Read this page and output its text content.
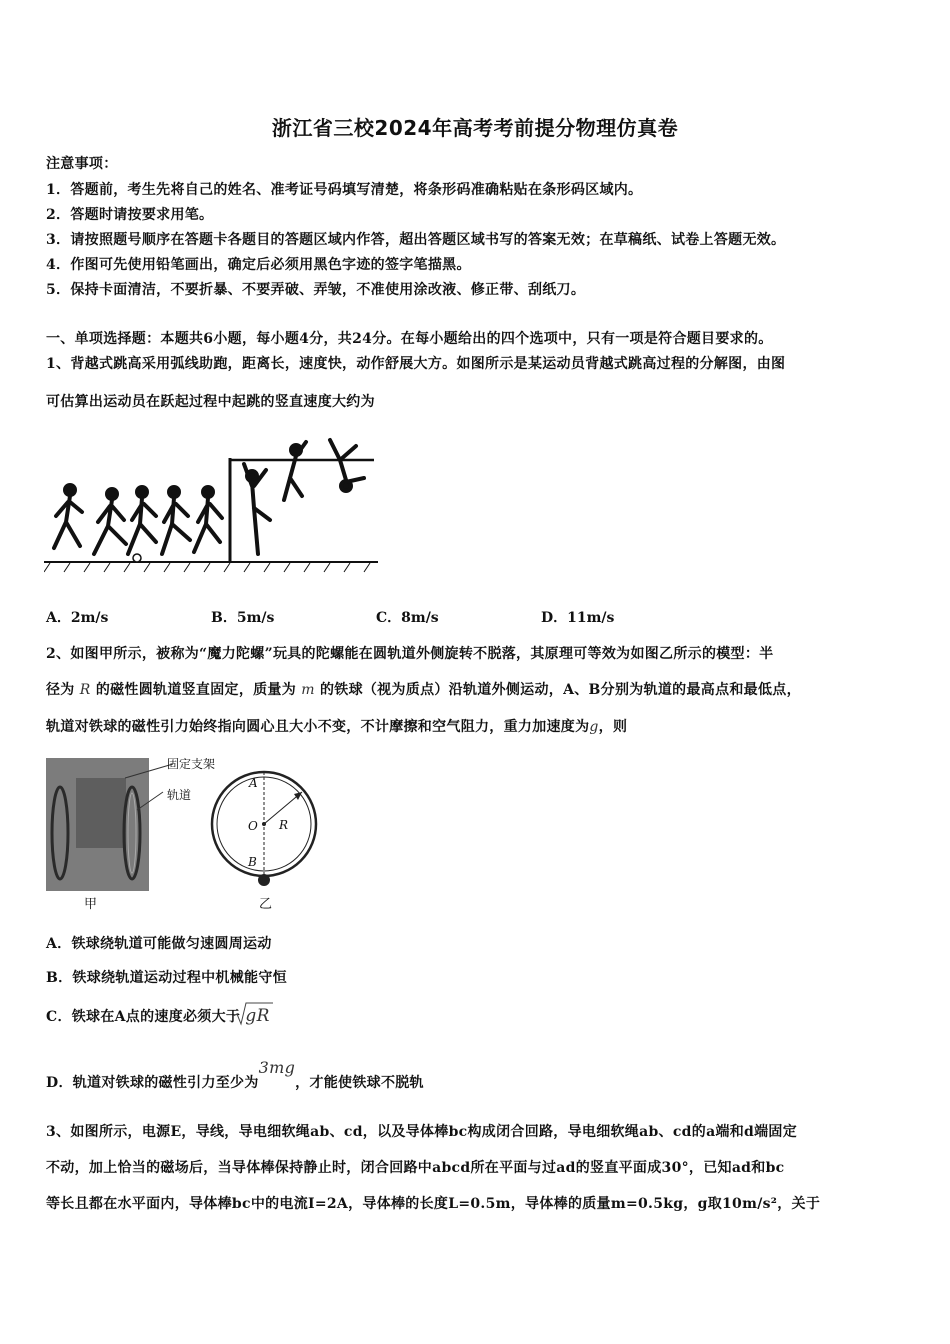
浙江省三校2024年高考考前提分物理仿真卷
注意事项：
1．答题前，考生先将自己的姓名、准考证号码填写清楚，将条形码准确粘贴在条形码区域内。
2．答题时请按要求用笔。
3．请按照题号顺序在答题卡各题目的答题区域内作答，超出答题区域书写的答案无效；在草稿纸、试卷上答题无效。
4．作图可先使用铅笔画出，确定后必须用黑色字迹的签字笔描黑。
5．保持卡面清洁，不要折暴、不要弄破、弄皱，不准使用涂改液、修正带、刮纸刀。
一、单项选择题：本题共6小题，每小题4分，共24分。在每小题给出的四个选项中，只有一项是符合题目要求的。
1、背越式跳高采用弧线助跑，距离长，速度快，动作舒展大方。如图所示是某运动员背越式跳高过程的分解图，由图
可估算出运动员在跃起过程中起跳的竖直速度大约为
A．2m/s	B．5m/s	C．8m/s	D．11m/s
2、如图甲所示，被称为“魔力陀螺”玩具的陀螺能在圆轨道外侧旋转不脱落，其原理可等效为如图乙所示的模型：半
径为 R 的磁性圆轨道竖直固定，质量为 m 的铁球（视为质点）沿轨道外侧运动，A、B分别为轨道的最高点和最低点，
轨道对铁球的磁性引力始终指向圆心且大小不变，不计摩擦和空气阻力，重力加速度为g，则
甲
固定支架
轨道
A
O R
B
乙
A．铁球绕轨道可能做匀速圆周运动
B．铁球绕轨道运动过程中机械能守恒
C．铁球在A点的速度必须大于 gR
D．轨道对铁球的磁性引力至少为3mg，才能使铁球不脱轨
3、如图所示，电源E，导线，导电细软绳ab、cd，以及导体棒bc构成闭合回路，导电细软绳ab、cd的a端和d端固定
不动，加上恰当的磁场后，当导体棒保持静止时，闭合回路中abcd所在平面与过ad的竖直平面成30°，已知ad和bc
等长且都在水平面内，导体棒bc中的电流I=2A，导体棒的长度L=0.5m，导体棒的质量m=0.5kg，g取10m/s²，关于
